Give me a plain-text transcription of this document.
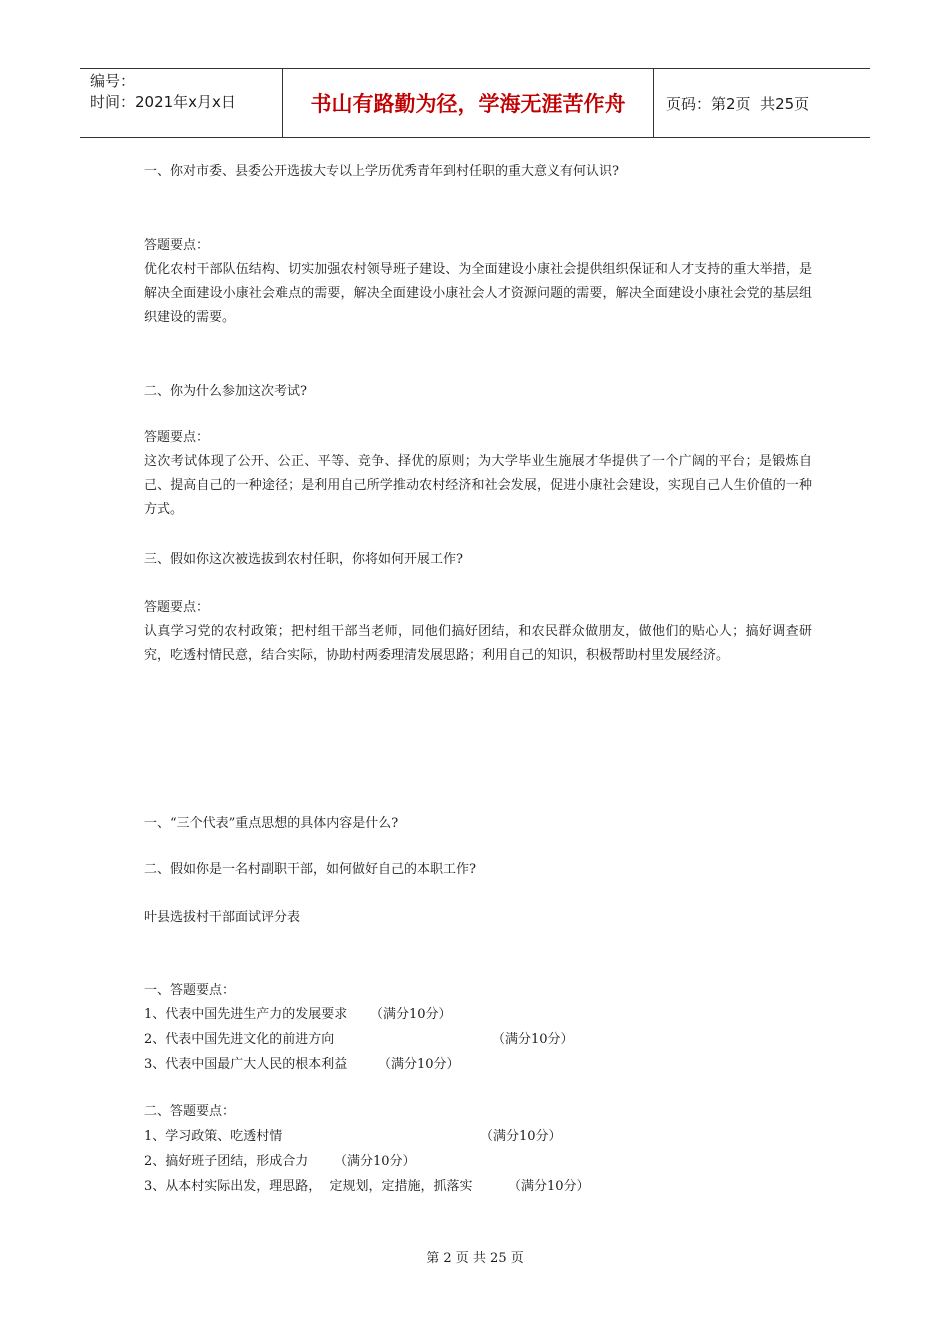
编号：
时间：2021年x月x日	书山有路勤为径，学海无涯苦作舟	页码：第2页  共25页
一、你对市委、县委公开选拔大专以上学历优秀青年到村任职的重大意义有何认识?
答题要点：
优化农村干部队伍结构、切实加强农村领导班子建设、为全面建设小康社会提供组织保证和人才支持的重大举措，是解决全面建设小康社会难点的需要，解决全面建设小康社会人才资源问题的需要，解决全面建设小康社会党的基层组织建设的需要。
二、你为什么参加这次考试?
答题要点：
这次考试体现了公开、公正、平等、竞争、择优的原则；为大学毕业生施展才华提供了一个广阔的平台；是锻炼自己、提高自己的一种途径；是利用自己所学推动农村经济和社会发展，促进小康社会建设，实现自己人生价值的一种方式。
三、假如你这次被选拔到农村任职，你将如何开展工作?
答题要点：
认真学习党的农村政策；把村组干部当老师，同他们搞好团结，和农民群众做朋友，做他们的贴心人；搞好调查研究，吃透村情民意，结合实际，协助村两委理清发展思路；利用自己的知识，积极帮助村里发展经济。
一、“三个代表”重点思想的具体内容是什么?
二、假如你是一名村副职干部，如何做好自己的本职工作?
叶县选拔村干部面试评分表
一、答题要点：
1、代表中国先进生产力的发展要求 （满分10分）
2、代表中国先进文化的前进方向	（满分10分）
3、代表中国最广大人民的根本利益 （满分10分）
二、答题要点：
1、学习政策、吃透村情	（满分10分）
2、搞好班子团结，形成合力 （满分10分）
3、从本村实际出发，理思路，  定规划，定措施，抓落实	（满分10分）
第 2 页 共 25 页
